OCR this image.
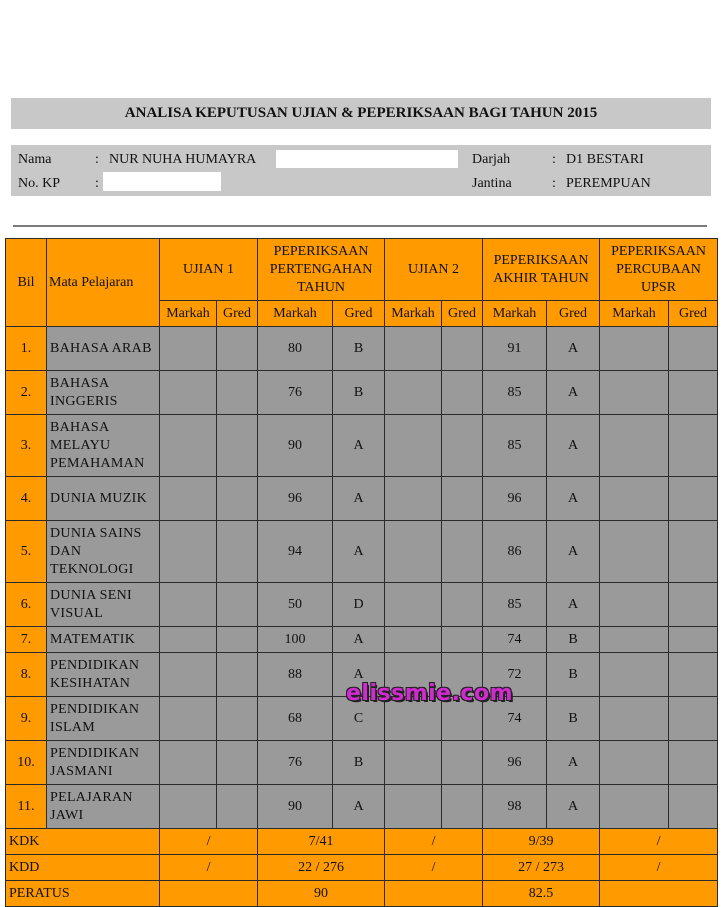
ANALISA KEPUTUSAN UJIAN & PEPERIKSAAN BAGI TAHUN 2015
Nama	: NUR NUHA HUMAYRA	Darjah	: D1 BESTARI
No. KP :	Jantina	: PEREMPUAN
Bil	Mata Pelajaran	UJIAN 1		PEPERIKSAAN PERTENGAHAN TAHUN		UJIAN 2		PEPERIKSAAN AKHIR TAHUN		PEPERIKSAAN PERCUBAAN UPSR	
		Markah	Gred	Markah	Gred	Markah	Gred	Markah	Gred	Markah	Gred
1.	BAHASA ARAB			80	B			91	A		
2.	BAHASA INGGERIS			76	B			85	A		
3.	BAHASA MELAYU PEMAHAMAN			90	A			85	A		
4.	DUNIA MUZIK			96	A			96	A		
5.	DUNIA SAINS DAN TEKNOLOGI			94	A			86	A		
6.	DUNIA SENI VISUAL			50	D			85	A		
7.	MATEMATIK			100	A			74	B		
8.	PENDIDIKAN KESIHATAN			88	A			72	B		
9.	PENDIDIKAN ISLAM			68	C			74	B		
10.	PENDIDIKAN JASMANI			76	B			96	A		
11.	PELAJARAN JAWI			90	A			98	A		
KDK		/		7/41		/		9/39		/	
KDD		/		22 / 276		/		27 / 273		/	
PERATUS				90				82.5			
elissmie.com
